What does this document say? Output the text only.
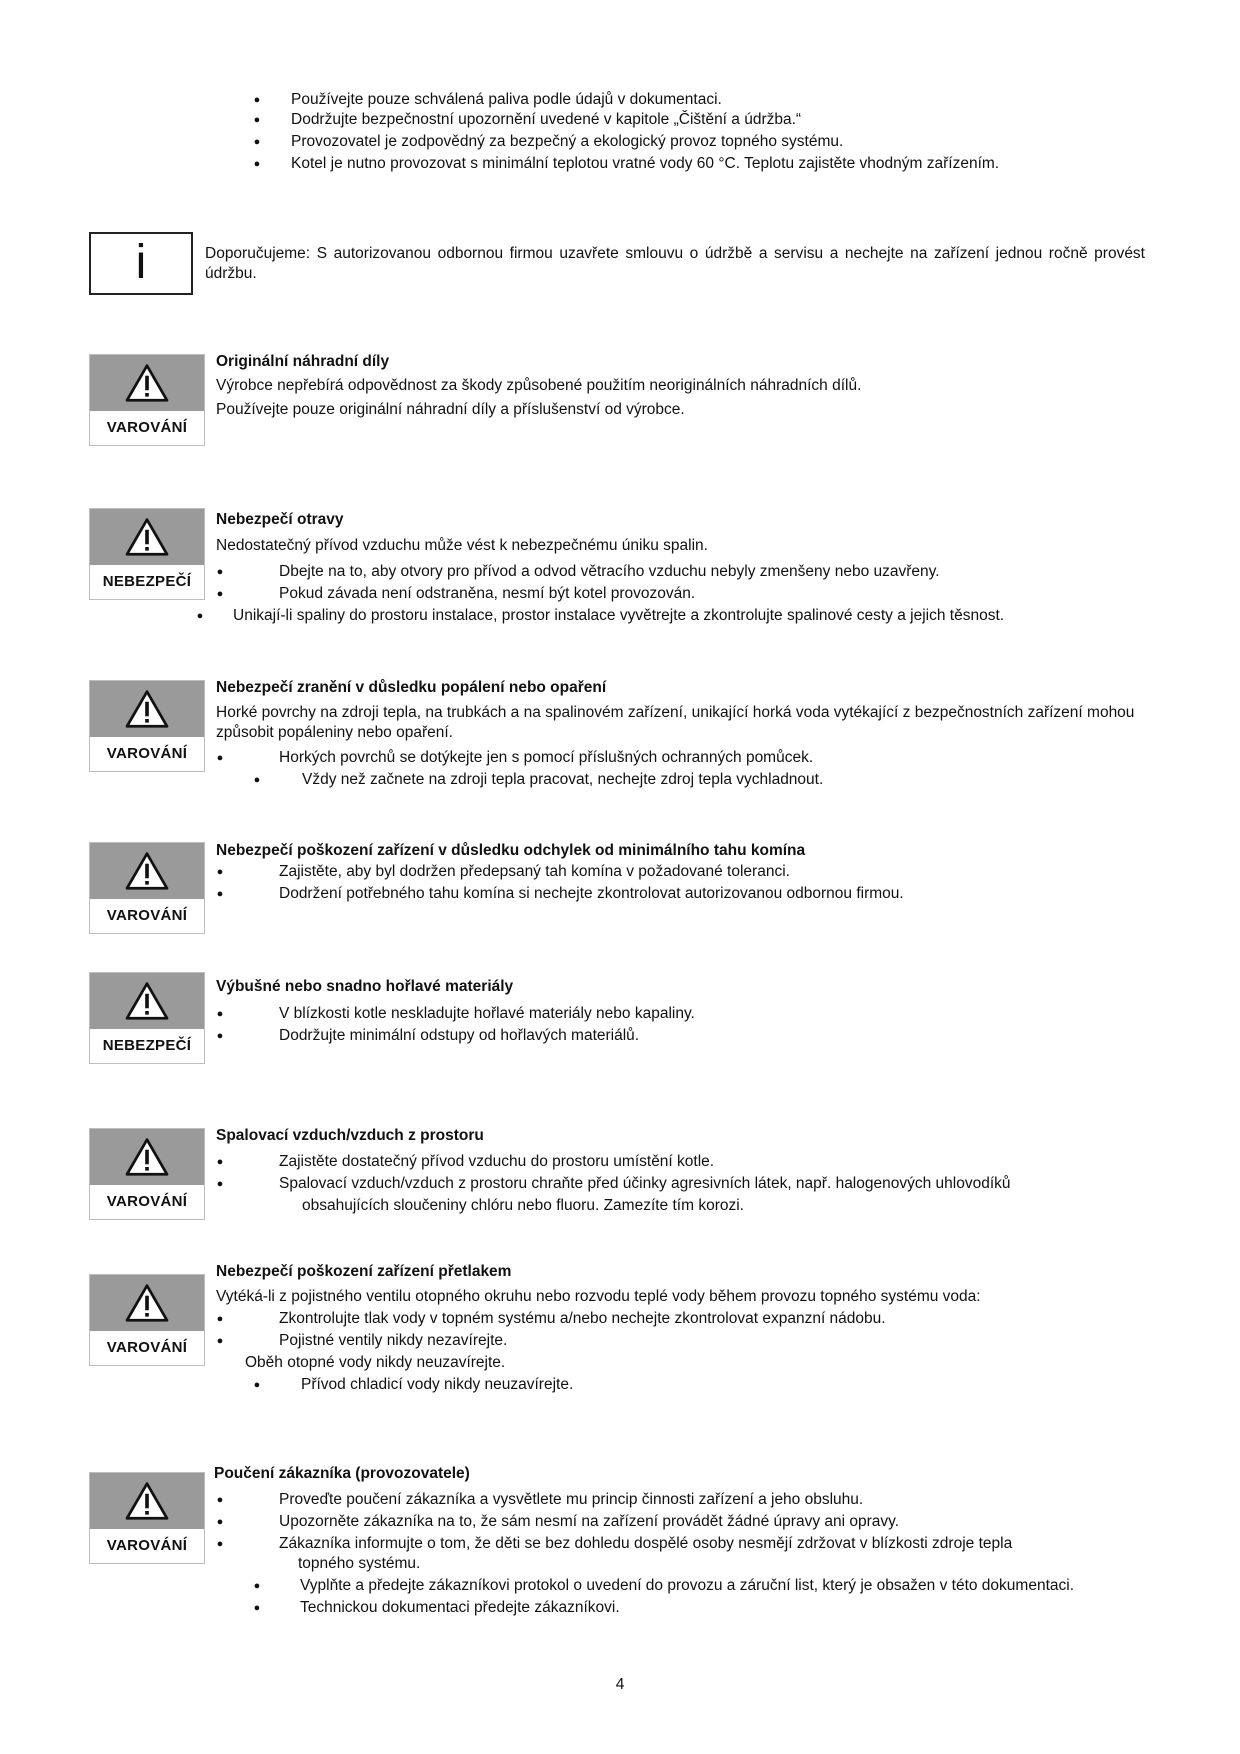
● Používejte pouze schválená paliva podle údajů v dokumentaci.
● Dodržujte bezpečnostní upozornění uvedené v kapitole „Čištění a údržba.“
● Provozovatel je zodpovědný za bezpečný a ekologický provoz topného systému.
● Kotel je nutno provozovat s minimální teplotou vratné vody 60 °C. Teplotu zajistěte vhodným zařízením.
i	Doporučujeme: S autorizovanou odbornou firmou uzavřete smlouvu o údržbě a servisu a nechejte na zařízení jednou ročně provést údržbu.
VAROVÁNÍ
Originální náhradní díly
Výrobce nepřebírá odpovědnost za škody způsobené použitím neoriginálních náhradních dílů.
Používejte pouze originální náhradní díly a příslušenství od výrobce.
NEBEZPEČÍ
Nebezpečí otravy
Nedostatečný přívod vzduchu může vést k nebezpečnému úniku spalin.
●	Dbejte na to, aby otvory pro přívod a odvod větracího vzduchu nebyly zmenšeny nebo uzavřeny.
●	Pokud závada není odstraněna, nesmí být kotel provozován.
● Unikají-li spaliny do prostoru instalace, prostor instalace vyvětrejte a zkontrolujte spalinové cesty a jejich těsnost.
VAROVÁNÍ
Nebezpečí zranění v důsledku popálení nebo opaření
Horké povrchy na zdroji tepla, na trubkách a na spalinovém zařízení, unikající horká voda vytékající z bezpečnostních zařízení mohou způsobit popáleniny nebo opaření.
●	Horkých povrchů se dotýkejte jen s pomocí příslušných ochranných pomůcek.
●	Vždy než začnete na zdroji tepla pracovat, nechejte zdroj tepla vychladnout.
VAROVÁNÍ
Nebezpečí poškození zařízení v důsledku odchylek od minimálního tahu komína
●	Zajistěte, aby byl dodržen předepsaný tah komína v požadované toleranci.
●	Dodržení potřebného tahu komína si nechejte zkontrolovat autorizovanou odbornou firmou.
NEBEZPEČÍ
Výbušné nebo snadno hořlavé materiály
●	V blízkosti kotle neskladujte hořlavé materiály nebo kapaliny.
●	Dodržujte minimální odstupy od hořlavých materiálů.
VAROVÁNÍ
Spalovací vzduch/vzduch z prostoru
●	Zajistěte dostatečný přívod vzduchu do prostoru umístění kotle.
●	Spalovací vzduch/vzduch z prostoru chraňte před účinky agresivních látek, např. halogenových uhlovodíků
obsahujících sloučeniny chlóru nebo fluoru. Zamezíte tím korozi.
VAROVÁNÍ
Nebezpečí poškození zařízení přetlakem
Vytéká-li z pojistného ventilu otopného okruhu nebo rozvodu teplé vody během provozu topného systému voda:
●	Zkontrolujte tlak vody v topném systému a/nebo nechejte zkontrolovat expanzní nádobu.
●	Pojistné ventily nikdy nezavírejte.
Oběh otopné vody nikdy neuzavírejte.
●	Přívod chladicí vody nikdy neuzavírejte.
VAROVÁNÍ
Poučení zákazníka (provozovatele)
●	Proveďte poučení zákazníka a vysvětlete mu princip činnosti zařízení a jeho obsluhu.
●	Upozorněte zákazníka na to, že sám nesmí na zařízení provádět žádné úpravy ani opravy.
●	Zákazníka informujte o tom, že děti se bez dohledu dospělé osoby nesmějí zdržovat v blízkosti zdroje tepla
topného systému.
●	Vyplňte a předejte zákazníkovi protokol o uvedení do provozu a záruční list, který je obsažen v této dokumentaci.
●	Technickou dokumentaci předejte zákazníkovi.
4
